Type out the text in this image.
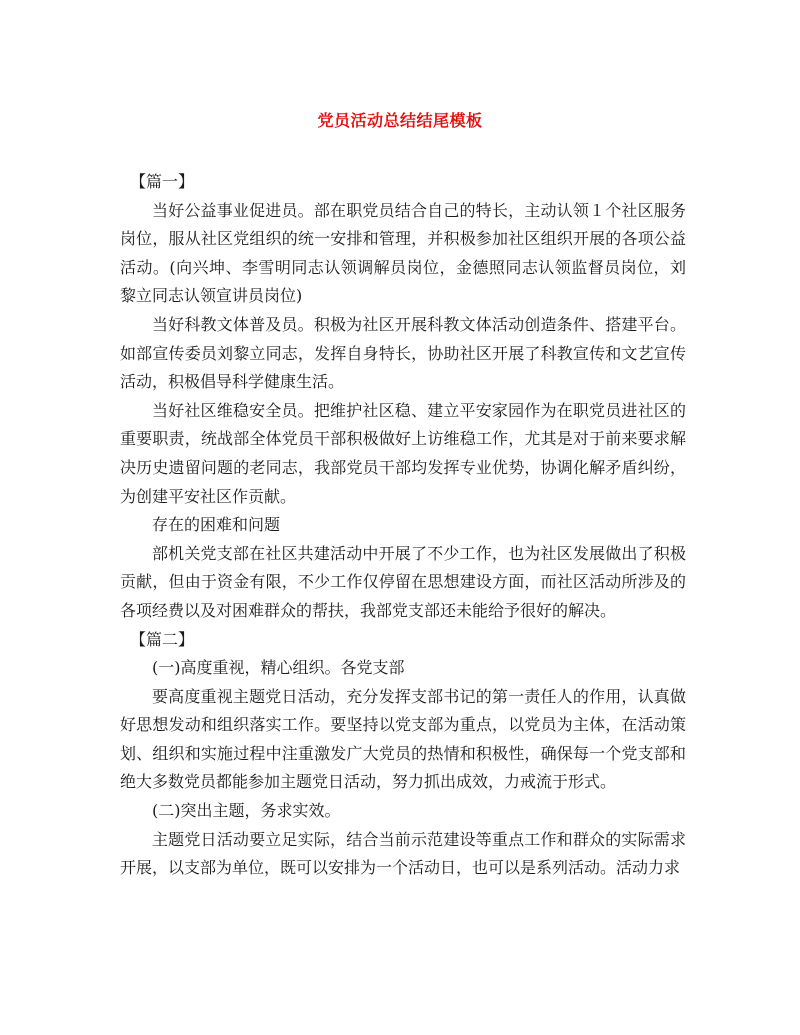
党员活动总结结尾模板

【篇一】

当好公益事业促进员。部在职党员结合自己的特长，主动认领１个社区服务岗位，服从社区党组织的统一安排和管理，并积极参加社区组织开展的各项公益活动。(向兴坤、李雪明同志认领调解员岗位，金德照同志认领监督员岗位，刘黎立同志认领宣讲员岗位)

当好科教文体普及员。积极为社区开展科教文体活动创造条件、搭建平台。如部宣传委员刘黎立同志，发挥自身特长，协助社区开展了科教宣传和文艺宣传活动，积极倡导科学健康生活。

当好社区维稳安全员。把维护社区稳、建立平安家园作为在职党员进社区的重要职责，统战部全体党员干部积极做好上访维稳工作，尤其是对于前来要求解决历史遗留问题的老同志，我部党员干部均发挥专业优势，协调化解矛盾纠纷，为创建平安社区作贡献。

存在的困难和问题

部机关党支部在社区共建活动中开展了不少工作，也为社区发展做出了积极贡献，但由于资金有限，不少工作仅停留在思想建设方面，而社区活动所涉及的各项经费以及对困难群众的帮扶，我部党支部还未能给予很好的解决。

【篇二】

(一)高度重视，精心组织。各党支部

要高度重视主题党日活动，充分发挥支部书记的第一责任人的作用，认真做好思想发动和组织落实工作。要坚持以党支部为重点，以党员为主体，在活动策划、组织和实施过程中注重激发广大党员的热情和积极性，确保每一个党支部和绝大多数党员都能参加主题党日活动，努力抓出成效，力戒流于形式。

(二)突出主题，务求实效。

主题党日活动要立足实际，结合当前示范建设等重点工作和群众的实际需求开展，以支部为单位，既可以安排为一个活动日，也可以是系列活动。活动力求
